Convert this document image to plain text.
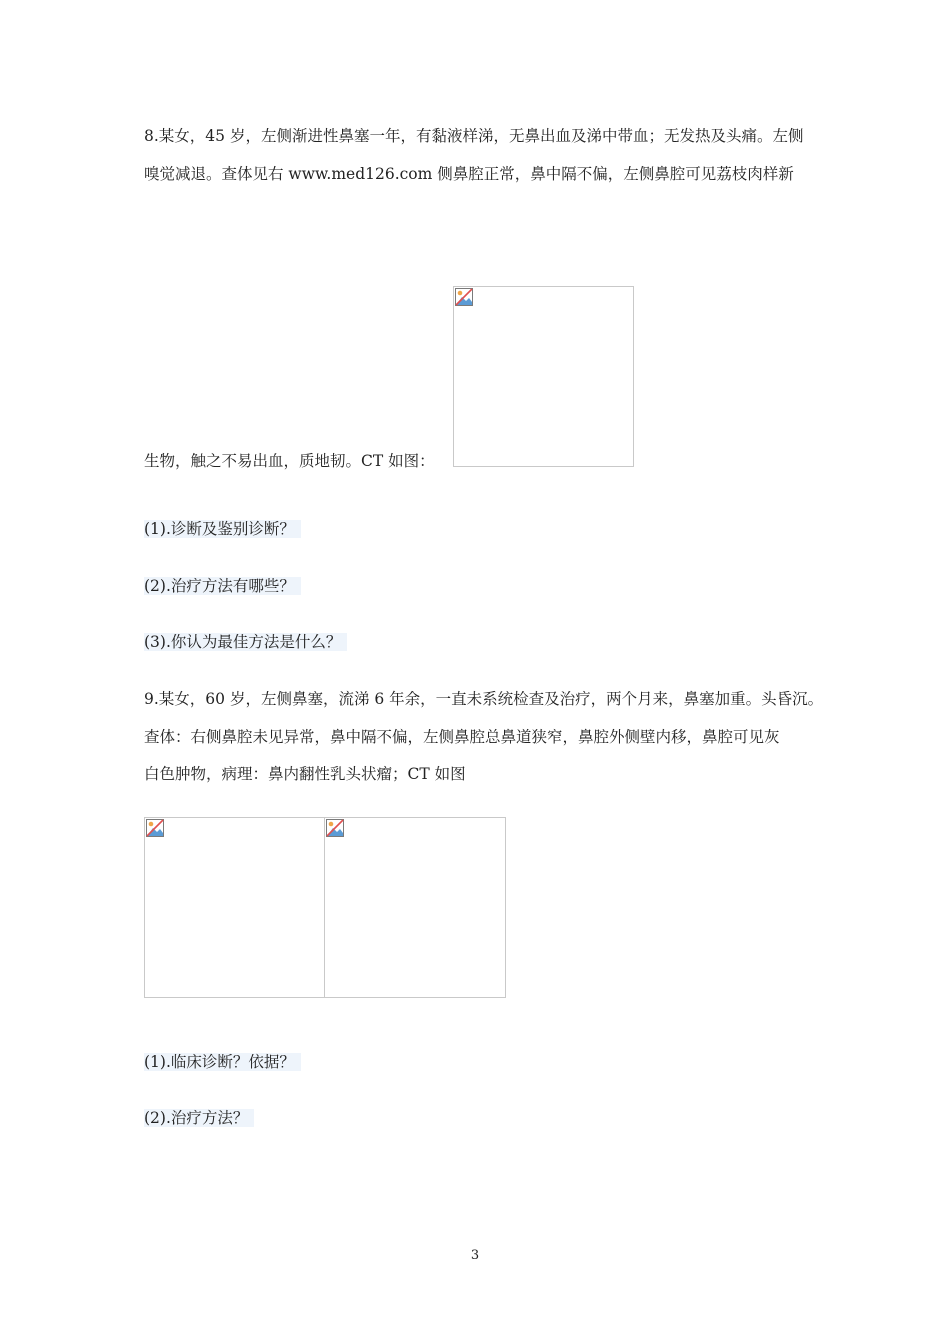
8.某女，45 岁，左侧渐进性鼻塞一年，有黏液样涕，无鼻出血及涕中带血；无发热及头痛。左侧
嗅觉减退。查体见右 www.med126.com 侧鼻腔正常，鼻中隔不偏，左侧鼻腔可见荔枝肉样新
生物，触之不易出血，质地韧。CT 如图：
(1).诊断及鉴别诊断？
(2).治疗方法有哪些？
(3).你认为最佳方法是什么？
9.某女，60 岁，左侧鼻塞，流涕 6 年余，一直未系统检查及治疗，两个月来，鼻塞加重。头昏沉。
查体：右侧鼻腔未见异常，鼻中隔不偏，左侧鼻腔总鼻道狭窄，鼻腔外侧壁内移，鼻腔可见灰
白色肿物，病理：鼻内翻性乳头状瘤；CT 如图
(1).临床诊断？依据？
(2).治疗方法？
3
